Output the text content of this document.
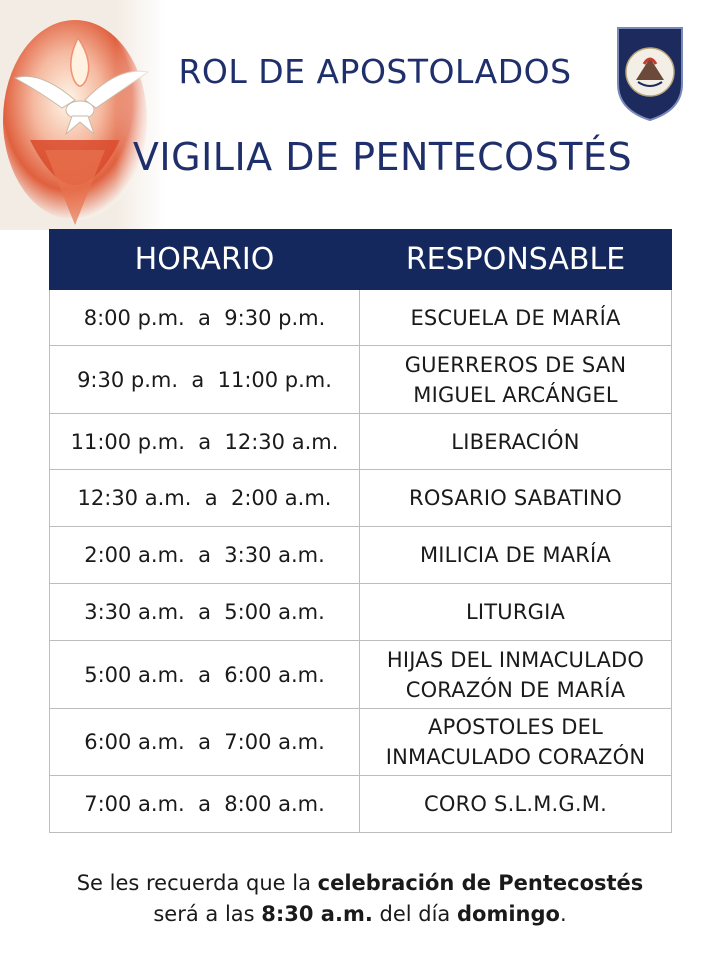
ROL DE APOSTOLADOS
VIGILIA DE PENTECOSTÉS
HORARIO	RESPONSABLE
8:00 p.m.  a  9:30 p.m.	ESCUELA DE MARÍA
9:30 p.m.  a  11:00 p.m.	GUERREROS DE SAN
MIGUEL ARCÁNGEL
11:00 p.m.  a  12:30 a.m.	LIBERACIÓN
12:30 a.m.  a  2:00 a.m.	ROSARIO SABATINO
2:00 a.m.  a  3:30 a.m.	MILICIA DE MARÍA
3:30 a.m.  a  5:00 a.m.	LITURGIA
5:00 a.m.  a  6:00 a.m.	HIJAS DEL INMACULADO
CORAZÓN DE MARÍA
6:00 a.m.  a  7:00 a.m.	APOSTOLES DEL
INMACULADO CORAZÓN
7:00 a.m.  a  8:00 a.m.	CORO S.L.M.G.M.
Se les recuerda que la celebración de Pentecostés
será a las 8:30 a.m. del día domingo.
